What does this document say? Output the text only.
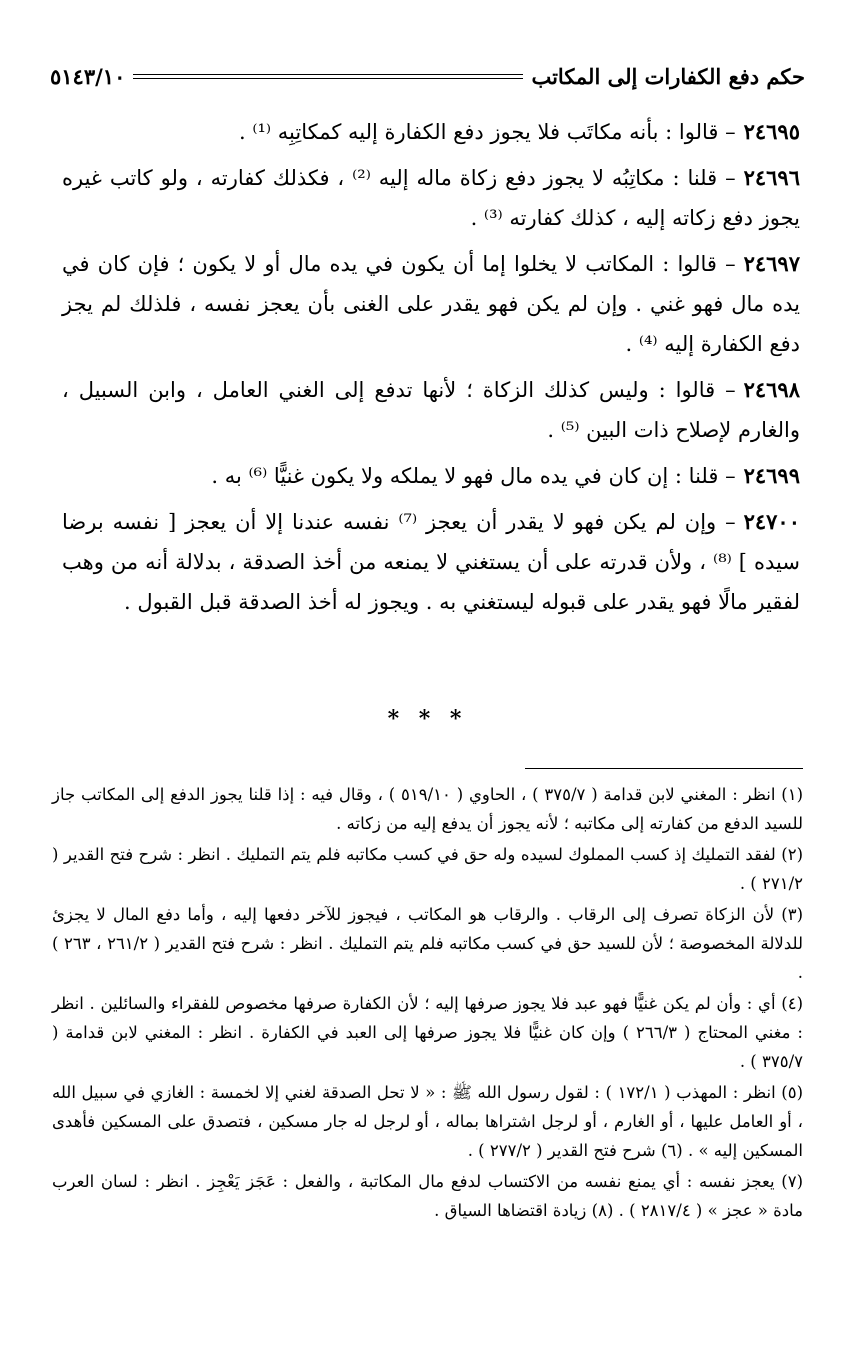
حكم دفع الكفارات إلى المكاتب
٥١٤٣/١٠

٢٤٦٩٥– قالوا : بأنه مكاتَب فلا يجوز دفع الكفارة إليه كمكاتِبِه ⁽¹⁾ .

٢٤٦٩٦– قلنا : مكاتِبُه لا يجوز دفع زكاة ماله إليه ⁽²⁾ ، فكذلك كفارته ، ولو كاتب غيره يجوز دفع زكاته إليه ، كذلك كفارته ⁽³⁾ .

٢٤٦٩٧– قالوا : المكاتب لا يخلوا إما أن يكون في يده مال أو لا يكون ؛ فإن كان في يده مال فهو غني . وإن لم يكن فهو يقدر على الغنى بأن يعجز نفسه ، فلذلك لم يجز دفع الكفارة إليه ⁽⁴⁾ .

٢٤٦٩٨– قالوا : وليس كذلك الزكاة ؛ لأنها تدفع إلى الغني العامل ، وابن السبيل ، والغارم لإصلاح ذات البين ⁽⁵⁾ .

٢٤٦٩٩– قلنا : إن كان في يده مال فهو لا يملكه ولا يكون غنيًّا ⁽⁶⁾ به .

٢٤٧٠٠– وإن لم يكن فهو لا يقدر أن يعجز ⁽⁷⁾ نفسه عندنا إلا أن يعجز [ نفسه برضا سيده ] ⁽⁸⁾ ، ولأن قدرته على أن يستغني لا يمنعه من أخذ الصدقة ، بدلالة أنه من وهب لفقير مالًا فهو يقدر على قبوله ليستغني به . ويجوز له أخذ الصدقة قبل القبول .

* * *

(١) انظر : المغني لابن قدامة ( ٣٧٥/٧ ) ، الحاوي ( ٥١٩/١٠ ) ، وقال فيه : إذا قلنا يجوز الدفع إلى المكاتب جاز للسيد الدفع من كفارته إلى مكاتبه ؛ لأنه يجوز أن يدفع إليه من زكاته .

(٢) لفقد التمليك إذ كسب المملوك لسيده وله حق في كسب مكاتبه فلم يتم التمليك . انظر : شرح فتح القدير ( ٢٧١/٢ ) .

(٣) لأن الزكاة تصرف إلى الرقاب . والرقاب هو المكاتب ، فيجوز للآخر دفعها إليه ، وأما دفع المال لا يجزئ للدلالة المخصوصة ؛ لأن للسيد حق في كسب مكاتبه فلم يتم التمليك . انظر : شرح فتح القدير ( ٢٦١/٢ ، ٢٦٣ ) .

(٤) أي : وأن لم يكن غنيًّا فهو عبد فلا يجوز صرفها إليه ؛ لأن الكفارة صرفها مخصوص للفقراء والسائلين . انظر : مغني المحتاج ( ٢٦٦/٣ ) وإن كان غنيًّا فلا يجوز صرفها إلى العبد في الكفارة . انظر : المغني لابن قدامة ( ٣٧٥/٧ ) .

(٥) انظر : المهذب ( ١٧٢/١ ) : لقول رسول الله ﷺ : « لا تحل الصدقة لغني إلا لخمسة : الغازي في سبيل الله ، أو العامل عليها ، أو الغارم ، أو لرجل اشتراها بماله ، أو لرجل له جار مسكين ، فتصدق على المسكين فأهدى المسكين إليه » . (٦) شرح فتح القدير ( ٢٧٧/٢ ) .

(٧) يعجز نفسه : أي يمنع نفسه من الاكتساب لدفع مال المكاتبة ، والفعل : عَجَز يَعْجِز . انظر : لسان العرب مادة « عجز » ( ٢٨١٧/٤ ) . (٨) زيادة اقتضاها السياق .
